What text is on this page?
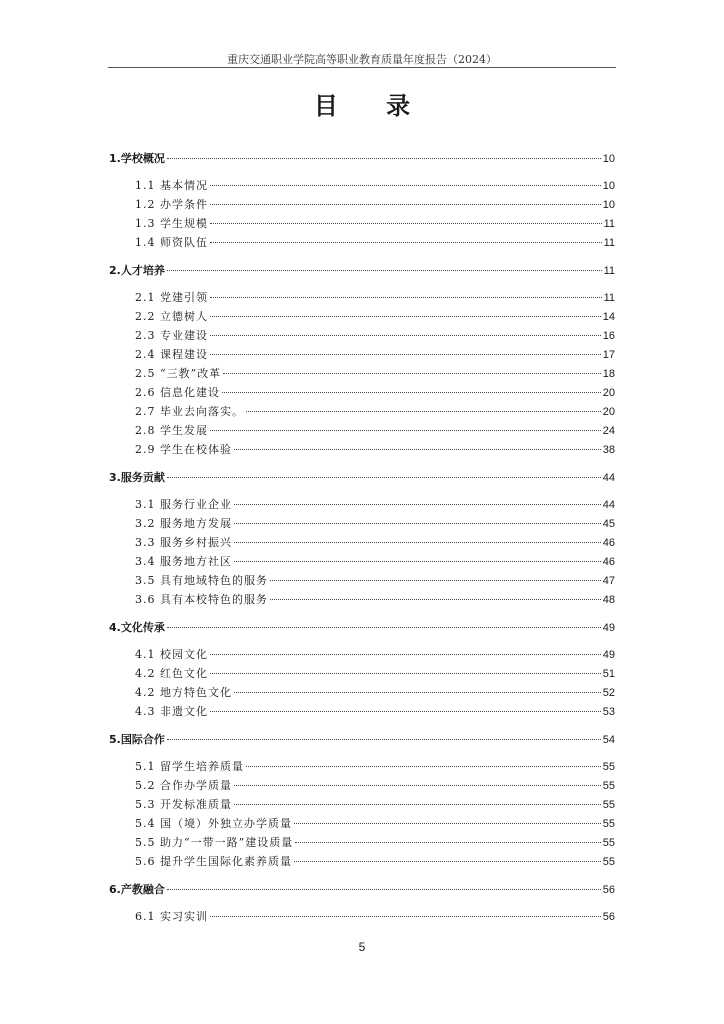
重庆交通职业学院高等职业教育质量年度报告（2024）
目 录
1.学校概况	10
1.1 基本情况	10
1.2 办学条件	10
1.3 学生规模	11
1.4 师资队伍	11
2.人才培养	11
2.1 党建引领	11
2.2 立德树人	14
2.3 专业建设	16
2.4 课程建设	17
2.5 “三教”改革	18
2.6 信息化建设	20
2.7 毕业去向落实。	20
2.8 学生发展	24
2.9 学生在校体验	38
3.服务贡献	44
3.1 服务行业企业	44
3.2 服务地方发展	45
3.3 服务乡村振兴	46
3.4 服务地方社区	46
3.5 具有地域特色的服务	47
3.6 具有本校特色的服务	48
4.文化传承	49
4.1 校园文化	49
4.2 红色文化	51
4.2 地方特色文化	52
4.3 非遗文化	53
5.国际合作	54
5.1 留学生培养质量	55
5.2 合作办学质量	55
5.3 开发标准质量	55
5.4 国（境）外独立办学质量	55
5.5 助力“一带一路”建设质量	55
5.6 提升学生国际化素养质量	55
6.产教融合	56
6.1 实习实训	56
5
